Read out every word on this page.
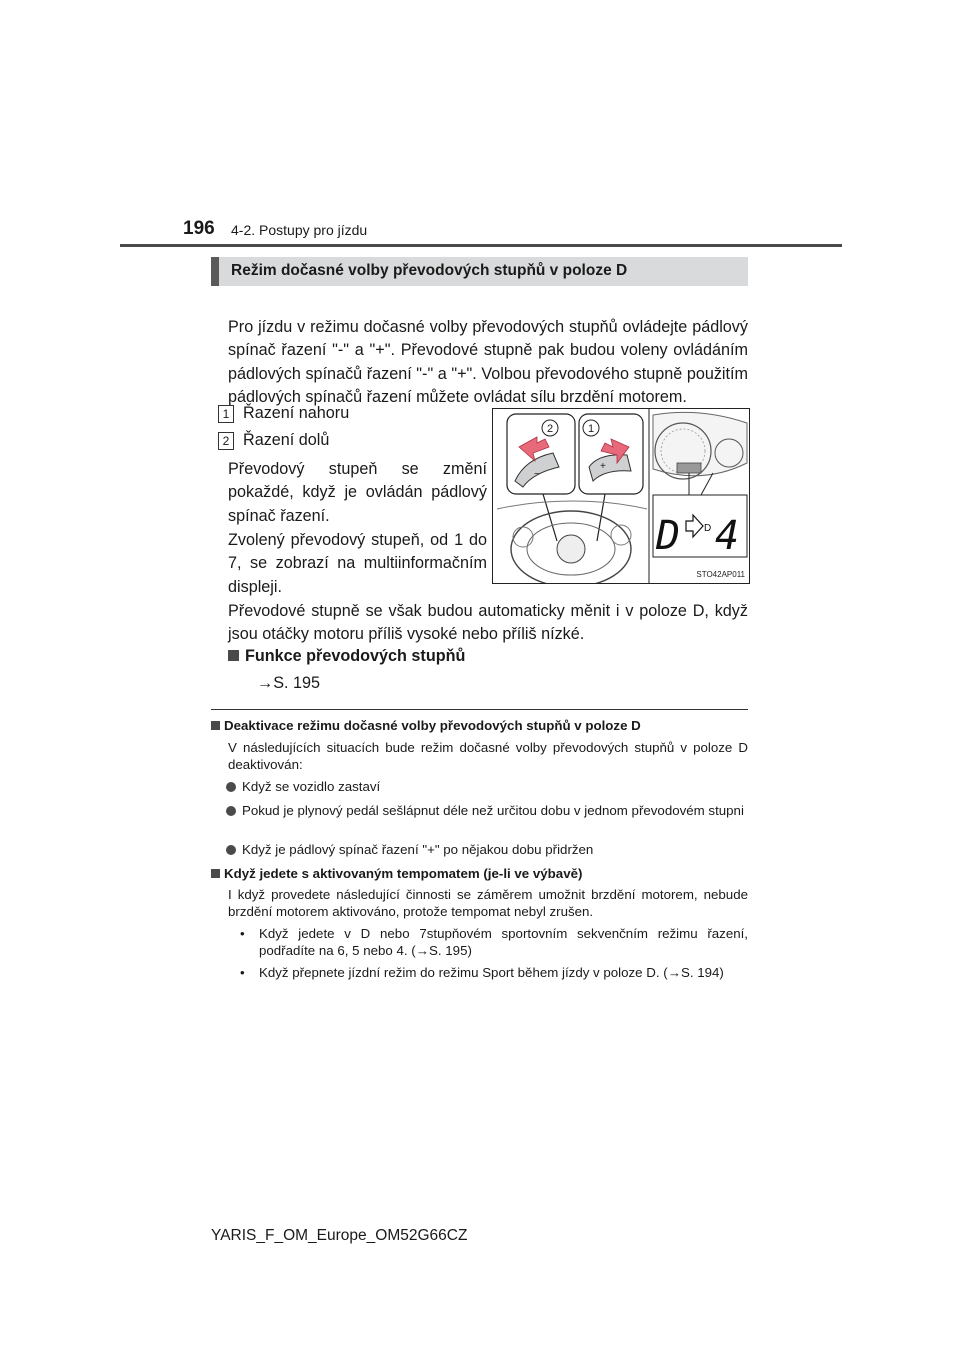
196 4-2. Postupy pro jízdu
Režim dočasné volby převodových stupňů v poloze D
Pro jízdu v režimu dočasné volby převodových stupňů ovládejte pádlový spínač řazení "-" a "+". Převodové stupně pak budou voleny ovládáním pádlových spínačů řazení "-" a "+". Volbou převodového stupně použitím pádlových spínačů řazení můžete ovládat sílu brzdění motorem.
1 Řazení nahoru
2 Řazení dolů
Převodový stupeň se změní pokaždé, když je ovládán pádlový spínač řazení.
Zvolený převodový stupeň, od 1 do 7, se zobrazí na multiinformačním displeji.
Převodové stupně se však budou automaticky měnit i v poloze D, když jsou otáčky motoru příliš vysoké nebo příliš nízké.
−
+
2	1
D D 4
STO42AP011
Funkce převodových stupňů
→S. 195
Deaktivace režimu dočasné volby převodových stupňů v poloze D
V následujících situacích bude režim dočasné volby převodových stupňů v poloze D deaktivován:
Když se vozidlo zastaví
Pokud je plynový pedál sešlápnut déle než určitou dobu v jednom převodovém stupni
Když je pádlový spínač řazení "+" po nějakou dobu přidržen
Když jedete s aktivovaným tempomatem (je-li ve výbavě)
I když provedete následující činnosti se záměrem umožnit brzdění motorem, nebude brzdění motorem aktivováno, protože tempomat nebyl zrušen.
•	Když jedete v D nebo 7stupňovém sportovním sekvenčním režimu řazení, podřadíte na 6, 5 nebo 4. (→S. 195)
•	Když přepnete jízdní režim do režimu Sport během jízdy v poloze D. (→S. 194)
YARIS_F_OM_Europe_OM52G66CZ
